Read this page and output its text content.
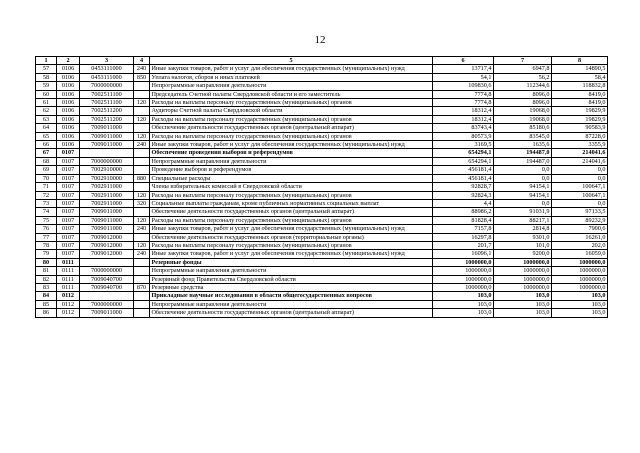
12
1	2	3	4	5	6	7	8
57	0106	0453111000	240	Иные закупки товаров, работ и услуг для обеспечения государственных (муниципальных) нужд	13717,4	6947,8	14890,5
58	0106	0453111000	850	Уплата налогов, сборов и иных платежей	54,1	56,2	58,4
59	0106	7000000000		Непрограммные направления деятельности	109830,6	112344,6	118832,8
60	0106	7002511100		Председатель Счетной палаты Свердловской области и его заместитель	7774,8	8096,0	8419,0
61	0106	7002511100	120	Расходы на выплаты персоналу государственных (муниципальных) органов	7774,8	8096,0	8419,0
62	0106	7002511200		Аудиторы Счетной палаты Свердловской области	18312,4	19068,0	19829,9
63	0106	7002511200	120	Расходы на выплаты персоналу государственных (муниципальных) органов	18312,4	19068,0	19829,9
64	0106	7009011000		Обеспечение деятельности государственных органов (центральный аппарат)	83743,4	85180,6	90583,9
65	0106	7009011000	120	Расходы на выплаты персоналу государственных (муниципальных) органов	80573,9	83545,0	87228,0
66	0106	7009011000	240	Иные закупки товаров, работ и услуг для обеспечения государственных (муниципальных) нужд	3169,5	1635,6	3355,9
67	0107			Обеспечение проведения выборов и референдумов	654294,1	194487,0	214041,6
68	0107	7000000000		Непрограммные направления деятельности	654294,1	194487,0	214041,6
69	0107	7002910000		Проведение выборов и референдумов	456181,4	0,0	0,0
70	0107	7002910000	880	Специальные расходы	456181,4	0,0	0,0
71	0107	7002911000		Члены избирательных комиссий в Свердловской области	92828,7	94154,1	100647,1
72	0107	7002911000	120	Расходы на выплаты персоналу государственных (муниципальных) органов	92824,3	94154,1	100647,1
73	0107	7002911000	320	Социальные выплаты гражданам, кроме публичных нормативных социальных выплат	4,4	0,0	0,0
74	0107	7009011000		Обеспечение деятельности государственных органов (центральный аппарат)	88986,2	91031,9	97133,5
75	0107	7009011000	120	Расходы на выплаты персоналу государственных (муниципальных) органов	81828,4	88217,1	89232,9
76	0107	7009011000	240	Иные закупки товаров, работ и услуг для обеспечения государственных (муниципальных) нужд	7157,8	2814,8	7900,6
77	0107	7009012000		Обеспечение деятельности государственных органов (территориальные органы)	16297,8	9301,0	16261,0
78	0107	7009012000	120	Расходы на выплаты персоналу государственных (муниципальных) органов	201,7	101,0	202,0
79	0107	7009012000	240	Иные закупки товаров, работ и услуг для обеспечения государственных (муниципальных) нужд	16096,1	9200,0	16059,0
80	0111			Резервные фонды	1000000,0	1000000,0	1000000,0
81	0111	7000000000		Непрограммные направления деятельности	1000000,0	1000000,0	1000000,0
82	0111	7009040700		Резервный фонд Правительства Свердловской области	1000000,0	1000000,0	1000000,0
83	0111	7009040700	870	Резервные средства	1000000,0	1000000,0	1000000,0
84	0112			Прикладные научные исследования в области общегосударственных вопросов	103,0	103,0	103,0
85	0112	7000000000		Непрограммные направления деятельности	103,0	103,0	103,0
86	0112	7009011000		Обеспечение деятельности государственных органов (центральный аппарат)	103,0	103,0	103,0
